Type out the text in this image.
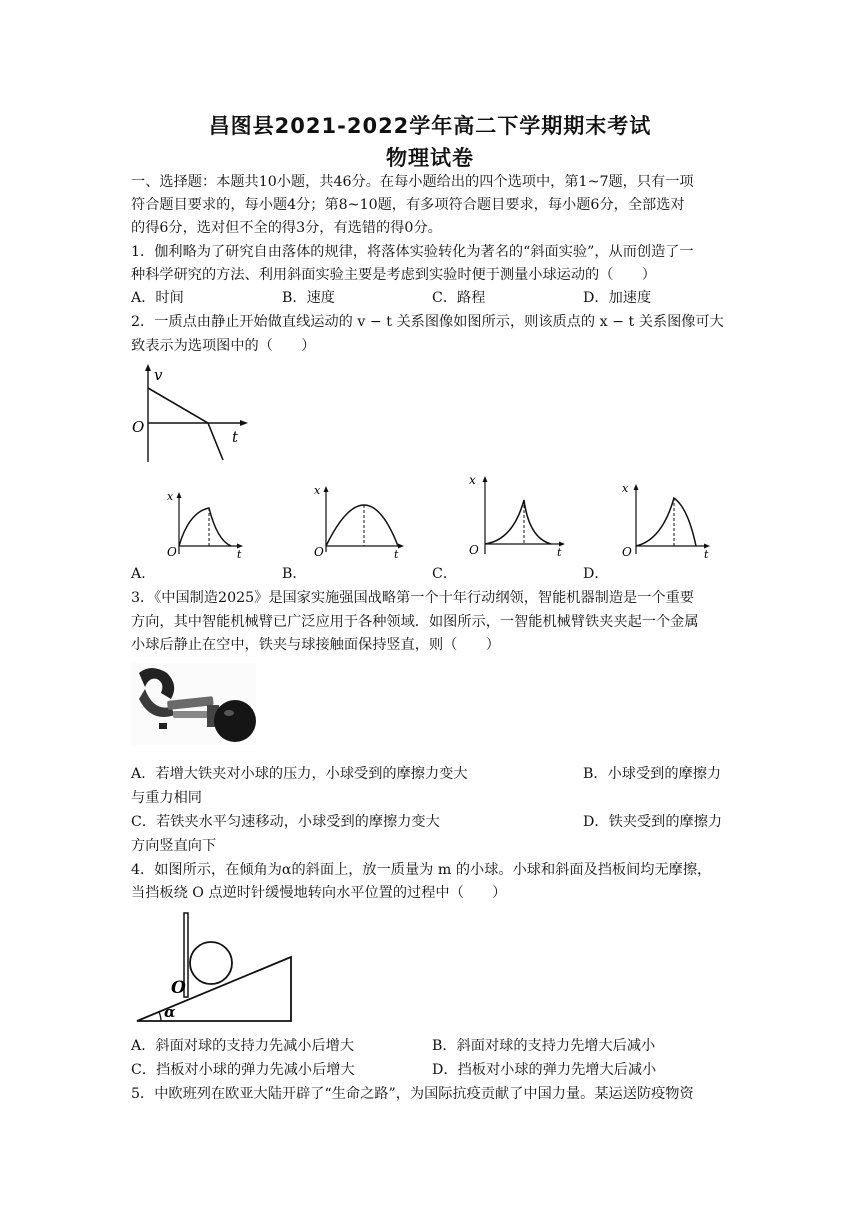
昌图县2021-2022学年高二下学期期末考试
物理试卷
一、选择题：本题共10小题，共46分。在每小题给出的四个选项中，第1~7题，只有一项
符合题目要求的，每小题4分；第8~10题，有多项符合题目要求，每小题6分，全部选对
的得6分，选对但不全的得3分，有选错的得0分。
1．伽利略为了研究自由落体的规律，将落体实验转化为著名的“斜面实验”，从而创造了一
种科学研究的方法、利用斜面实验主要是考虑到实验时便于测量小球运动的（　　）
A．时间	B．速度	C．路程	D．加速度
2．一质点由静止开始做直线运动的 v − t 关系图像如图所示，则该质点的 x − t 关系图像可大
致表示为选项图中的（　　）
v
t
O
x
t
O
x
t
O
x
t
O
x
t
O
A．	B．	C．	D．
3．《中国制造2025》是国家实施强国战略第一个十年行动纲领，智能机器制造是一个重要
方向，其中智能机械臂已广泛应用于各种领域．如图所示，一智能机械臂铁夹夹起一个金属
小球后静止在空中，铁夹与球接触面保持竖直，则（　　）
A．若增大铁夹对小球的压力，小球受到的摩擦力变大	B．小球受到的摩擦力
与重力相同
C．若铁夹水平匀速移动，小球受到的摩擦力变大	D．铁夹受到的摩擦力
方向竖直向下
4．如图所示，在倾角为α的斜面上，放一质量为 m 的小球。小球和斜面及挡板间均无摩擦，
当挡板绕 O 点逆时针缓慢地转向水平位置的过程中（　　）
O
α
A．斜面对球的支持力先减小后增大	B．斜面对球的支持力先增大后减小
C．挡板对小球的弹力先减小后增大	D．挡板对小球的弹力先增大后减小
5．中欧班列在欧亚大陆开辟了“生命之路”，为国际抗疫贡献了中国力量。某运送防疫物资
